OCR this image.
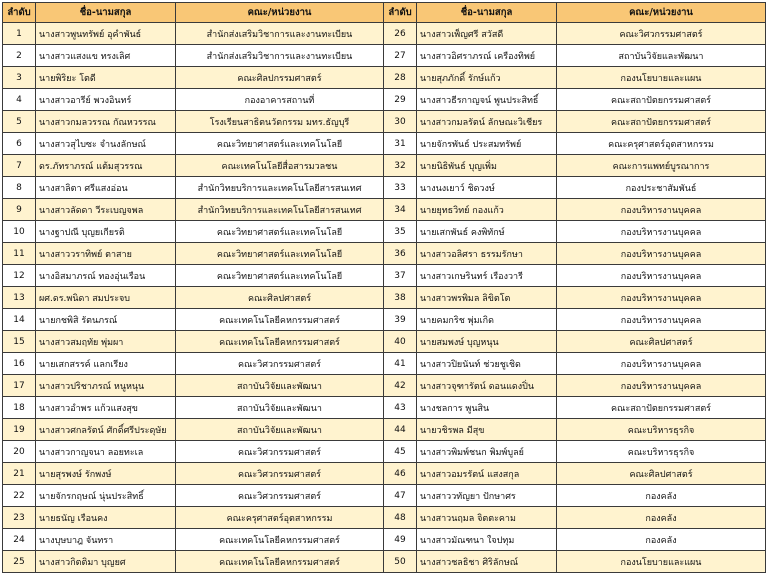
ลำดับ	ชื่อ-นามสกุล	คณะ/หน่วยงาน	ลำดับ	ชื่อ-นามสกุล	คณะ/หน่วยงาน
1	นางสาวพูนทรัพย์ อุคำพันธ์	สำนักส่งเสริมวิชาการและงานทะเบียน	26	นางสาวเพ็ญศรี สวัสดี	คณะวิศวกรรมศาสตร์
2	นางสาวแสงแข ทรงเลิศ	สำนักส่งเสริมวิชาการและงานทะเบียน	27	นางสาวอิศราภรณ์ เครืองทิพย์	สถาบันวิจัยและพัฒนา
3	นายพิริยะ โตดี	คณะศิลปกรรมศาสตร์	28	นายสุภภักดิ์ รักษ์แก้ว	กองนโยบายและแผน
4	นางสาวอารีย์ พวงอินทร์	กองอาคารสถานที่	29	นางสาวธีรกาญจน์ พูนประสิทธิ์	คณะสถาปัตยกรรมศาสตร์
5	นางสาวกมลวรรณ กัณหวรรณ	โรงเรียนสาธิตนวัตกรรม มทร.ธัญบุรี	30	นางสาวกมลรัตน์ ลักษณะวิเชียร	คณะสถาปัตยกรรมศาสตร์
6	นางสาวสุไบซะ จำนงลักษณ์	คณะวิทยาศาสตร์และเทคโนโลยี	31	นายจักรพันธ์ ประสมทรัพย์	คณะครุศาสตร์อุตสาหกรรม
7	ดร.ภัทราภรณ์ แต้มสุวรรณ	คณะเทคโนโลยีสื่อสารมวลชน	32	นายนิธิพันธ์ บุญเพิ่ม	คณะการแพทย์บูรณาการ
8	นางสาลิตา ศรีแสงอ่อน	สำนักวิทยบริการและเทคโนโลยีสารสนเทศ	33	นางนงเยาว์ ชิดวงษ์	กองประชาสัมพันธ์
9	นางสาวลัดดา วีระเบญจพล	สำนักวิทยบริการและเทคโนโลยีสารสนเทศ	34	นายยุทธวิทย์ กองแก้ว	กองบริหารงานบุคคล
10	นางฐาปณี บุญยเกียรติ	คณะวิทยาศาสตร์และเทคโนโลยี	35	นายเสกพันธ์ คงพิทักษ์	กองบริหารงานบุคคล
11	นางสาววราทิพย์ ตาสาย	คณะวิทยาศาสตร์และเทคโนโลยี	36	นางสาวอลิศรา ธรรมรักษา	กองบริหารงานบุคคล
12	นางอิสมาภรณ์ ทองอุ่นเรือน	คณะวิทยาศาสตร์และเทคโนโลยี	37	นางสาวเกษรินทร์ เรืองวารี	กองบริหารงานบุคคล
13	ผศ.ดร.พนิดา สมประจบ	คณะศิลปศาสตร์	38	นางสาวพรพิมล ลิขิตโต	กองบริหารงานบุคคล
14	นายกชพิสิ รัตนภรณ์	คณะเทคโนโลยีคหกรรมศาสตร์	39	นายคมกริช พุ่มเกิด	กองบริหารงานบุคคล
15	นางสาวสมฤทัย พุ่มผา	คณะเทคโนโลยีคหกรรมศาสตร์	40	นายสมพงษ์ บุญหนุน	คณะศิลปศาสตร์
16	นายเสกสรรค์ แลกเรียง	คณะวิศวกรรมศาสตร์	41	นางสาวปิยนันท์ ช่วยชูเชิด	กองบริหารงานบุคคล
17	นางสาวปริชาภรณ์ หนูหนุน	สถาบันวิจัยและพัฒนา	42	นางสาวจุฑารัตน์ ดอนแดงปิ่น	กองบริหารงานบุคคล
18	นางสาวอำพร แก้วแสงสุข	สถาบันวิจัยและพัฒนา	43	นางชลการ พูนสิน	คณะสถาปัตยกรรมศาสตร์
19	นางสาวศกลรัตน์ ศักดิ์ศรีประดุษัย	สถาบันวิจัยและพัฒนา	44	นายวชิรพล มีสุข	คณะบริหารธุรกิจ
20	นางสาวกาญจนา ลอยทะเล	คณะวิศวกรรมศาสตร์	45	นางสาวพิมพ์ชนก พิมพ์บูลย์	คณะบริหารธุรกิจ
21	นายสุรพงษ์ รักพงษ์	คณะวิศวกรรมศาสตร์	46	นางสาวอมรรัตน์ แสงสกุล	คณะศิลปศาสตร์
22	นายจักรกฤษณ์ นุ่นประสิทธิ์	คณะวิศวกรรมศาสตร์	47	นางสาววทัญยา ปักษาศร	กองคลัง
23	นายธนัญ เรือนคง	คณะครุศาสตร์อุตสาหกรรม	48	นางสาวนฤมล จิตตะคาม	กองคลัง
24	นางบุษบาฎ จันทรา	คณะเทคโนโลยีคหกรรมศาสตร์	49	นางสาวมัณฑนา ใจปทุม	กองคลัง
25	นางสาวกิตติมา บุญยศ	คณะเทคโนโลยีคหกรรมศาสตร์	50	นางสาวชลธิชา ศิริลักษณ์	กองนโยบายและแผน
